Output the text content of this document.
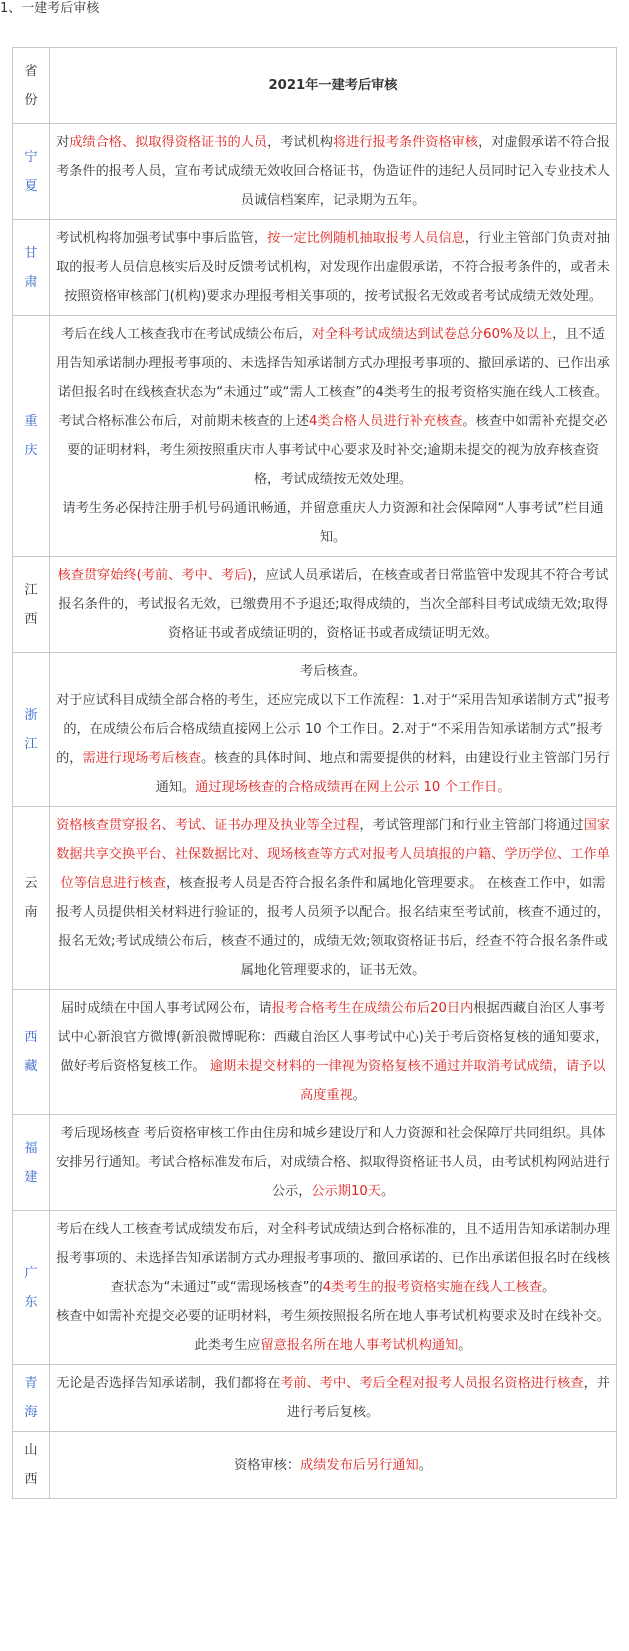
1、一建考后审核
省份	2021年一建考后审核
宁夏	对成绩合格、拟取得资格证书的人员，考试机构将进行报考条件资格审核，对虚假承诺不符合报考条件的报考人员，宣布考试成绩无效收回合格证书，伪造证件的违纪人员同时记入专业技术人员诚信档案库，记录期为五年。

甘肃	考试机构将加强考试事中事后监管，按一定比例随机抽取报考人员信息，行业主管部门负责对抽取的报考人员信息核实后及时反馈考试机构，对发现作出虚假承诺，不符合报考条件的，或者未按照资格审核部门(机构)要求办理报考相关事项的，按考试报名无效或者考试成绩无效处理。

重庆	考后在线人工核查我市在考试成绩公布后，对全科考试成绩达到试卷总分60%及以上，且不适用告知承诺制办理报考事项的、未选择告知承诺制方式办理报考事项的、撤回承诺的、已作出承诺但报名时在线核查状态为“未通过”或“需人工核查”的4类考生的报考资格实施在线人工核查。
考试合格标准公布后，对前期未核查的上述4类合格人员进行补充核查。核查中如需补充提交必要的证明材料，考生须按照重庆市人事考试中心要求及时补交;逾期未提交的视为放弃核查资格，考试成绩按无效处理。
请考生务必保持注册手机号码通讯畅通，并留意重庆人力资源和社会保障网“人事考试”栏目通知。

江西	核查贯穿始终(考前、考中、考后)，应试人员承诺后，在核查或者日常监管中发现其不符合考试报名条件的，考试报名无效，已缴费用不予退还;取得成绩的，当次全部科目考试成绩无效;取得资格证书或者成绩证明的，资格证书或者成绩证明无效。

浙江	考后核查。
对于应试科目成绩全部合格的考生，还应完成以下工作流程：1.对于“采用告知承诺制方式”报考的，在成绩公布后合格成绩直接网上公示 10 个工作日。2.对于“不采用告知承诺制方式”报考的，需进行现场考后核查。核查的具体时间、地点和需要提供的材料，由建设行业主管部门另行通知。通过现场核查的合格成绩再在网上公示 10 个工作日。

云南	资格核查贯穿报名、考试、证书办理及执业等全过程，考试管理部门和行业主管部门将通过国家数据共享交换平台、社保数据比对、现场核查等方式对报考人员填报的户籍、学历学位、工作单位等信息进行核查，核查报考人员是否符合报名条件和属地化管理要求。 在核查工作中，如需报考人员提供相关材料进行验证的，报考人员须予以配合。报名结束至考试前，核查不通过的，报名无效;考试成绩公布后，核查不通过的，成绩无效;领取资格证书后，经查不符合报名条件或属地化管理要求的，证书无效。

西藏	届时成绩在中国人事考试网公布，请报考合格考生在成绩公布后20日内根据西藏自治区人事考试中心新浪官方微博(新浪微博昵称：西藏自治区人事考试中心)关于考后资格复核的通知要求，做好考后资格复核工作。 逾期未提交材料的一律视为资格复核不通过并取消考试成绩，请予以高度重视。

福建	考后现场核查 考后资格审核工作由住房和城乡建设厅和人力资源和社会保障厅共同组织。具体安排另行通知。考试合格标准发布后，对成绩合格、拟取得资格证书人员，由考试机构网站进行公示，公示期10天。

广东	考后在线人工核查考试成绩发布后，对全科考试成绩达到合格标准的，且不适用告知承诺制办理报考事项的、未选择告知承诺制方式办理报考事项的、撤回承诺的、已作出承诺但报名时在线核查状态为“未通过”或“需现场核查”的4类考生的报考资格实施在线人工核查。
核查中如需补充提交必要的证明材料，考生须按照报名所在地人事考试机构要求及时在线补交。此类考生应留意报名所在地人事考试机构通知。

青海	无论是否选择告知承诺制，我们都将在考前、考中、考后全程对报考人员报名资格进行核查，并进行考后复核。

山西	资格审核：成绩发布后另行通知。
